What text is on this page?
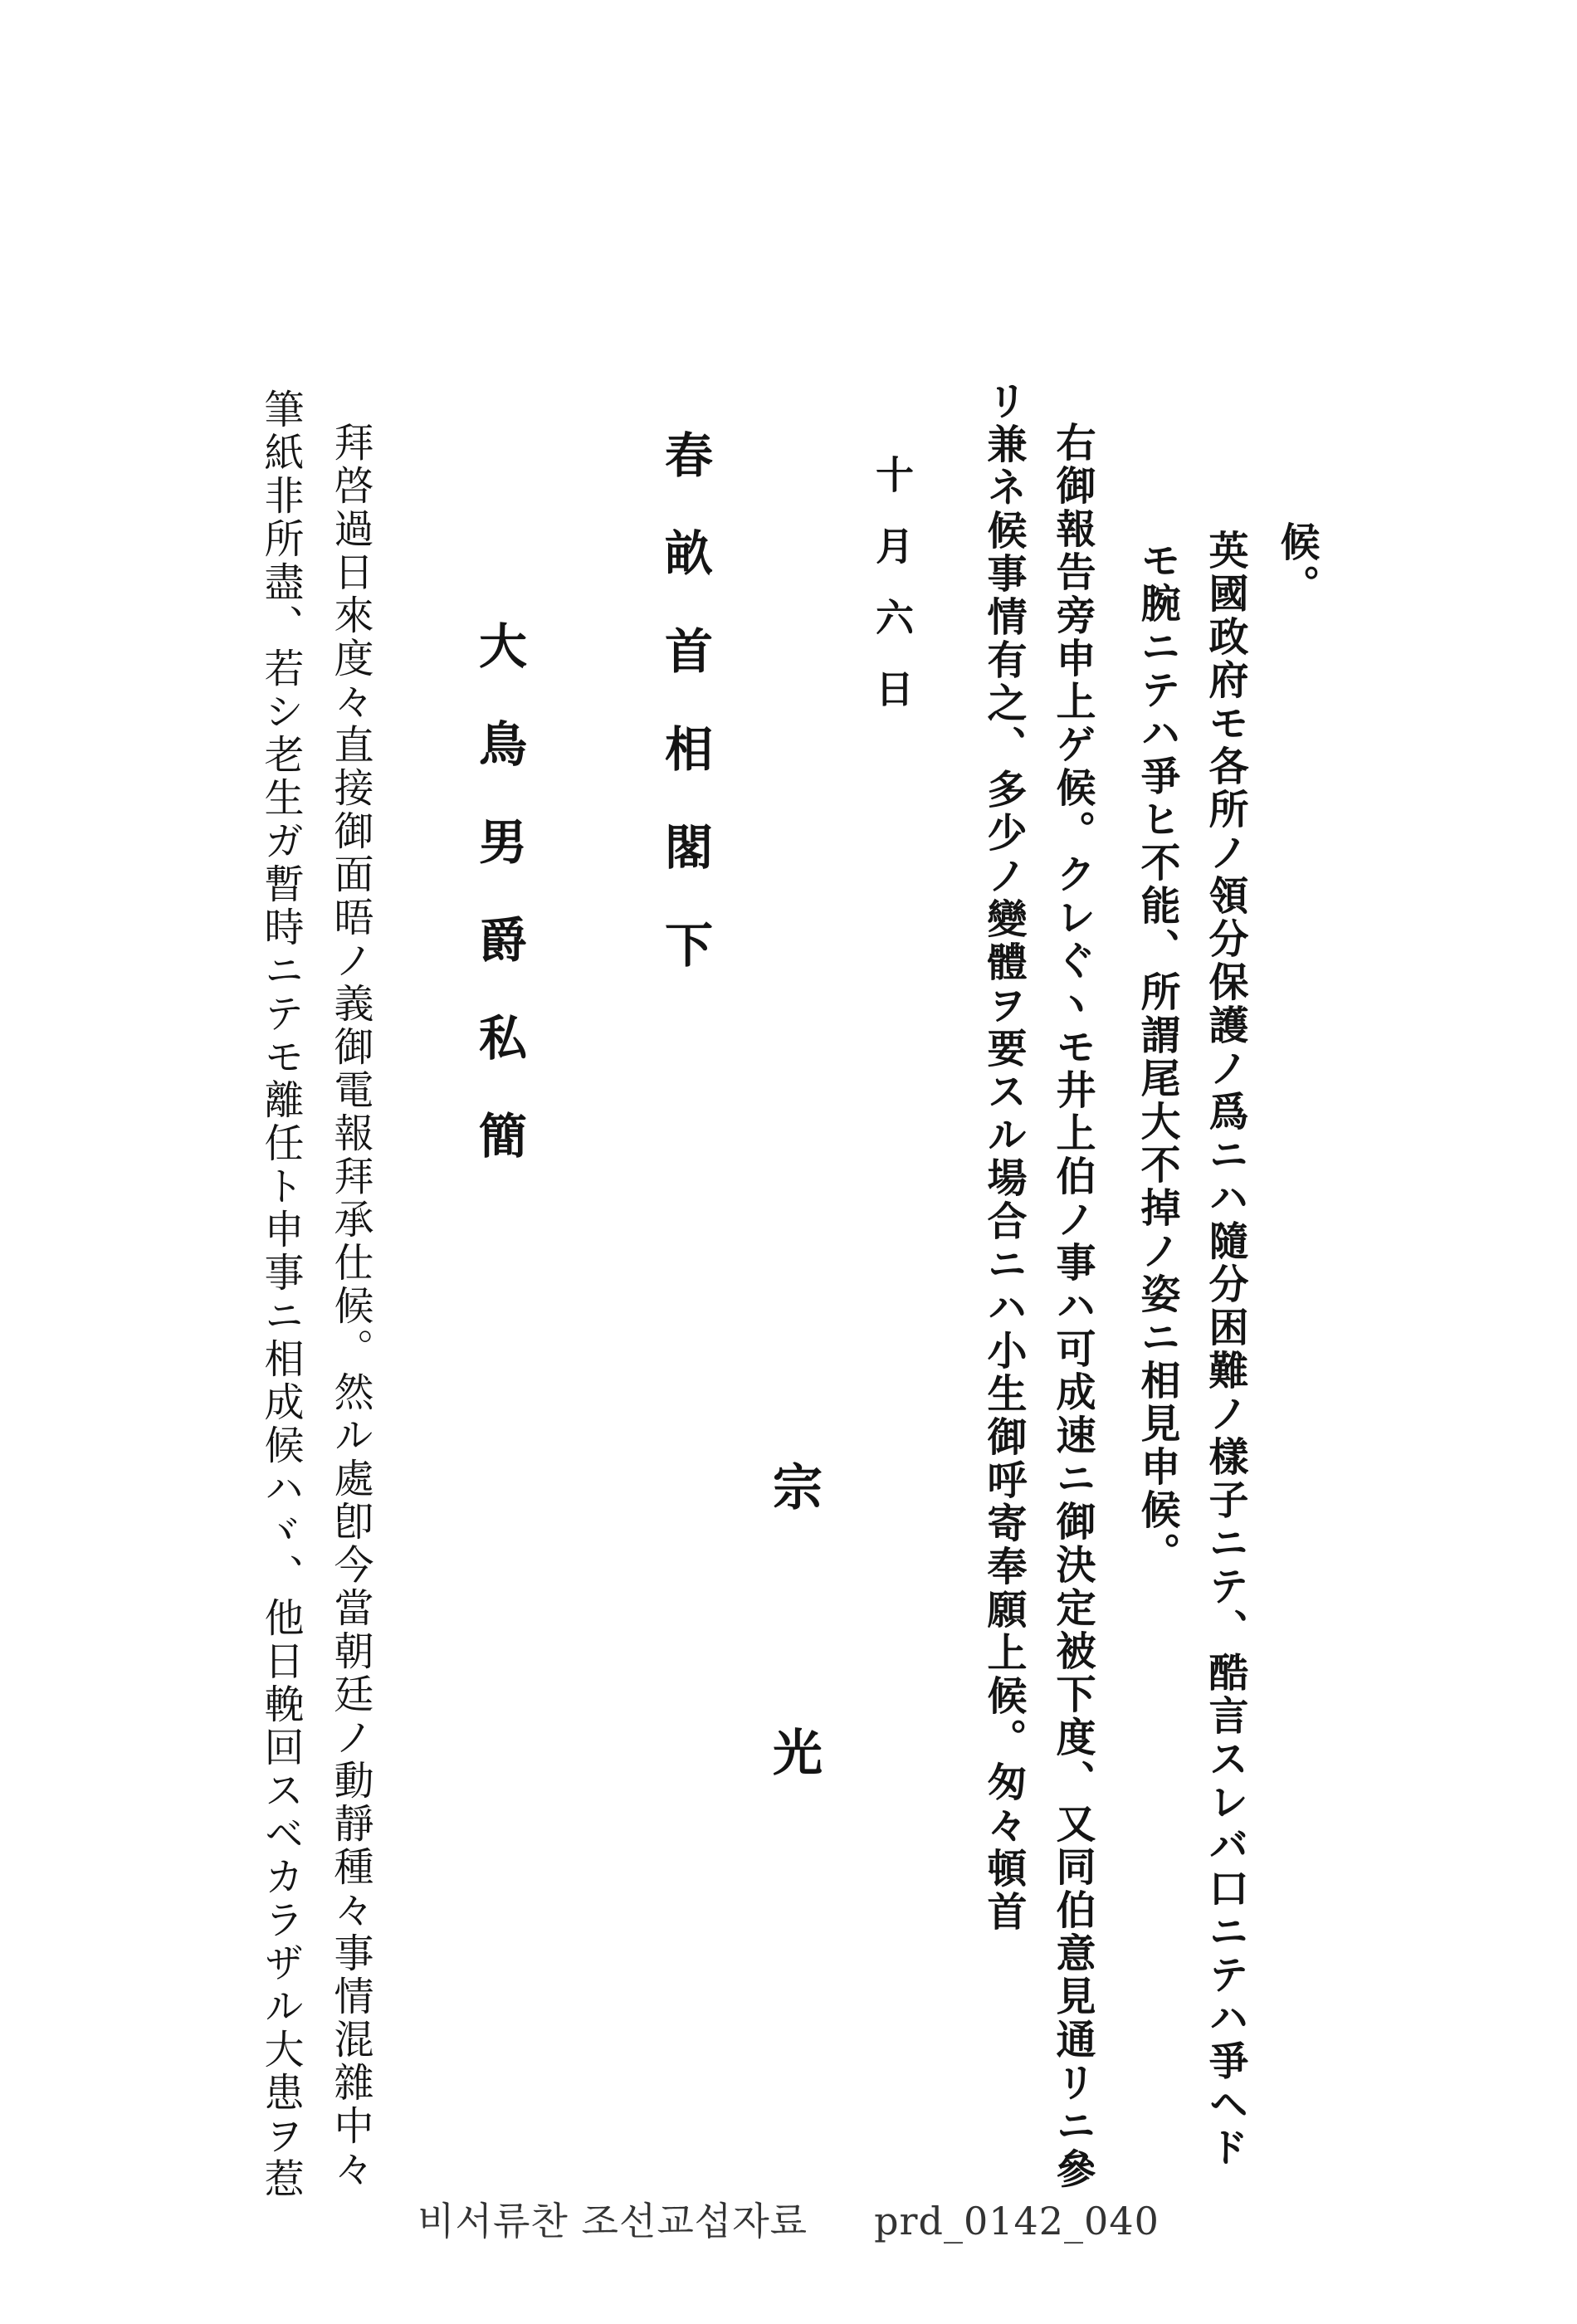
候。
英國政府モ各所ノ領分保護ノ爲ニハ隨分困難ノ樣子ニテ、酷言スレバ口ニテハ爭ヘド
モ腕ニテハ爭ヒ不能、所謂尾大不掉ノ姿ニ相見申候。
右御報告旁申上ゲ候。クレぐヽモ井上伯ノ事ハ可成速ニ御決定被下度、又同伯意見通リニ參
リ兼ネ候事情有之、多少ノ變體ヲ要スル場合ニハ小生御呼寄奉願上候。匆々頓首
十月六日
宗光
春畝首相閣下
大鳥男爵私簡
拜啓過日來度々直接御面晤ノ義御電報拜承仕候。然ル處卽今當朝廷ノ動靜種々事情混雜中々
筆紙非所盡、若シ老生ガ暫時ニテモ離任ト申事ニ相成候ハヾ、他日輓回スベカラザル大患ヲ惹
비서류찬 조선교섭자료 prd_0142_040
